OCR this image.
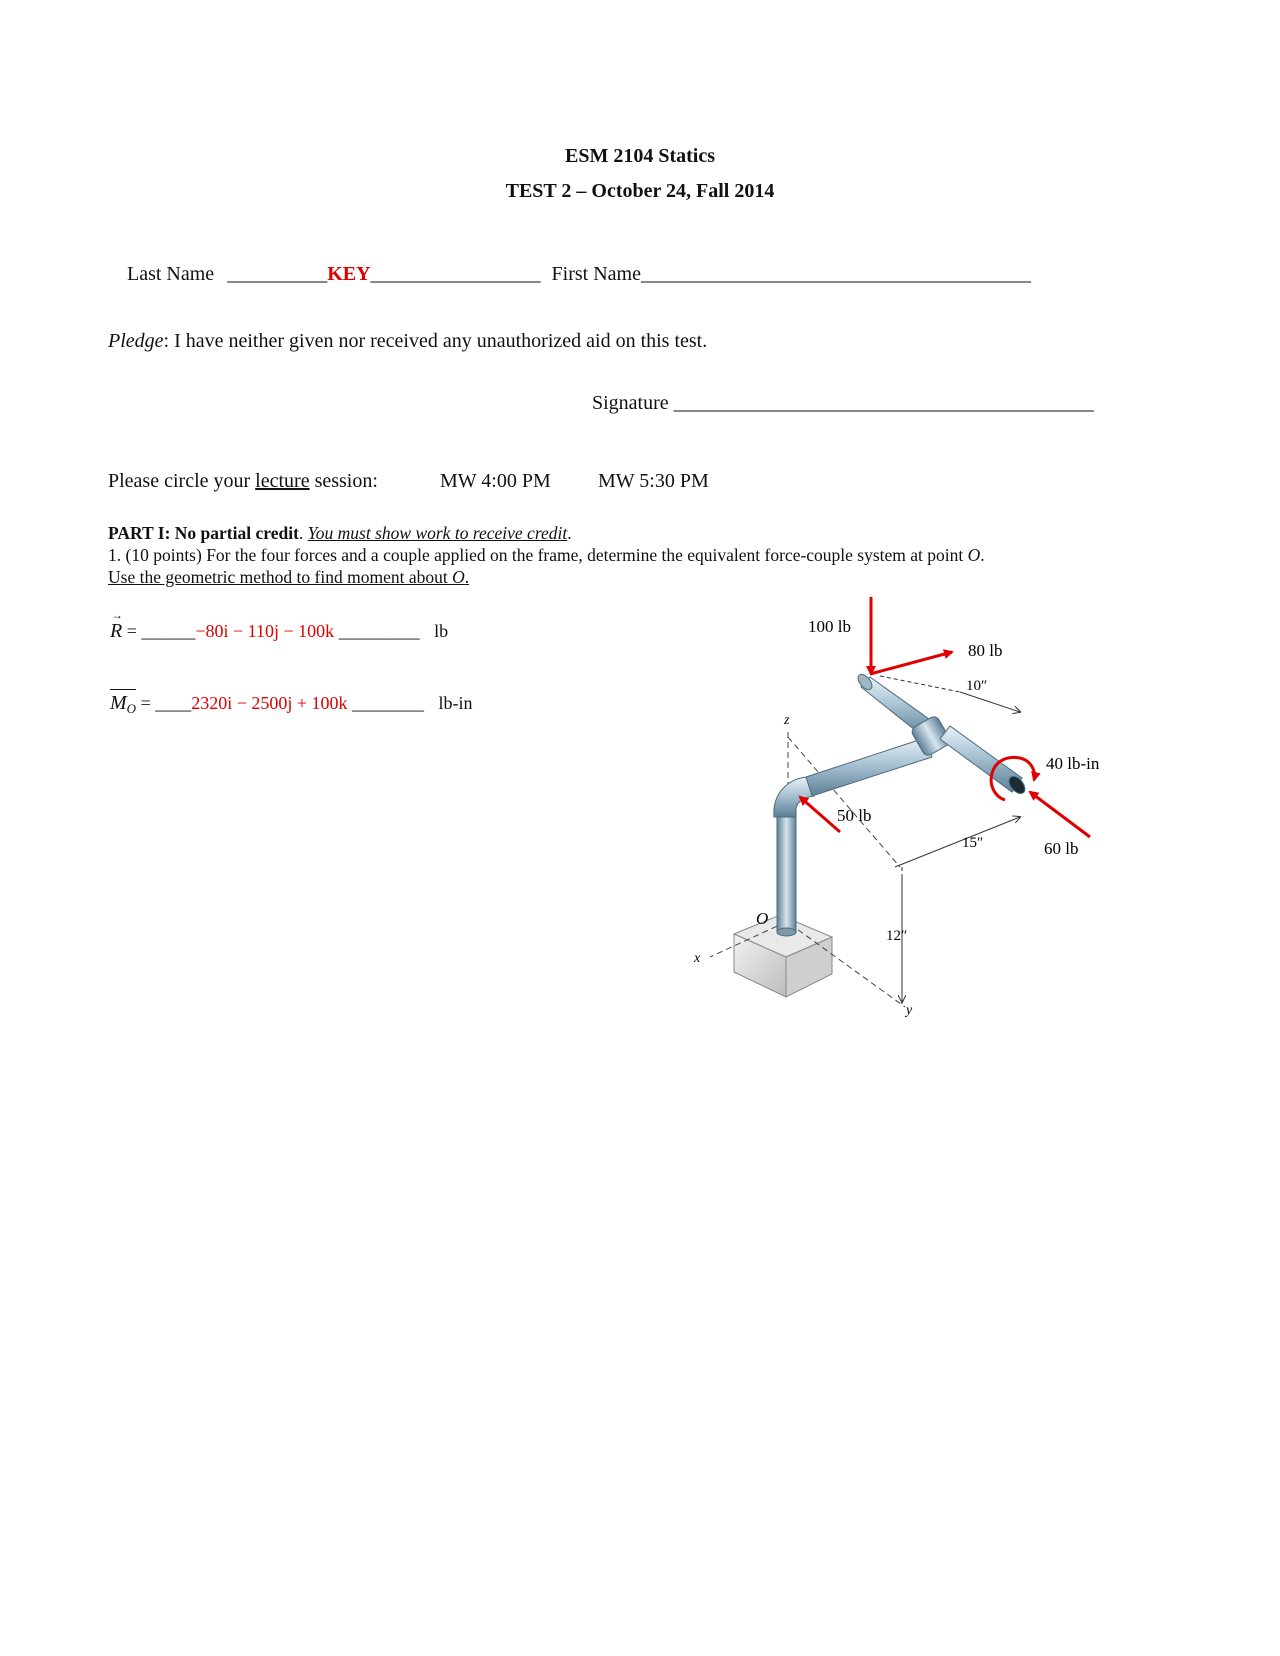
ESM 2104 Statics
TEST 2 – October 24, Fall 2014
Last Name __________KEY_________________ First Name_______________________________________
Pledge: I have neither given nor received any unauthorized aid on this test.
Signature __________________________________________
Please circle your lecture session:	MW 4:00 PM MW 5:30 PM
PART I: No partial credit. You must show work to receive credit.
1. (10 points) For the four forces and a couple applied on the frame, determine the equivalent force-couple system at point O.
Use the geometric method to find moment about O.
→
R = ______−80i − 110j − 100k _________ lb
$M_O$ = ____2320i − 2500j + 100k ________ lb-in
z
x
y
100 lb
80 lb
10″
40 lb-in
50 lb
15″	60 lb
12″
O
